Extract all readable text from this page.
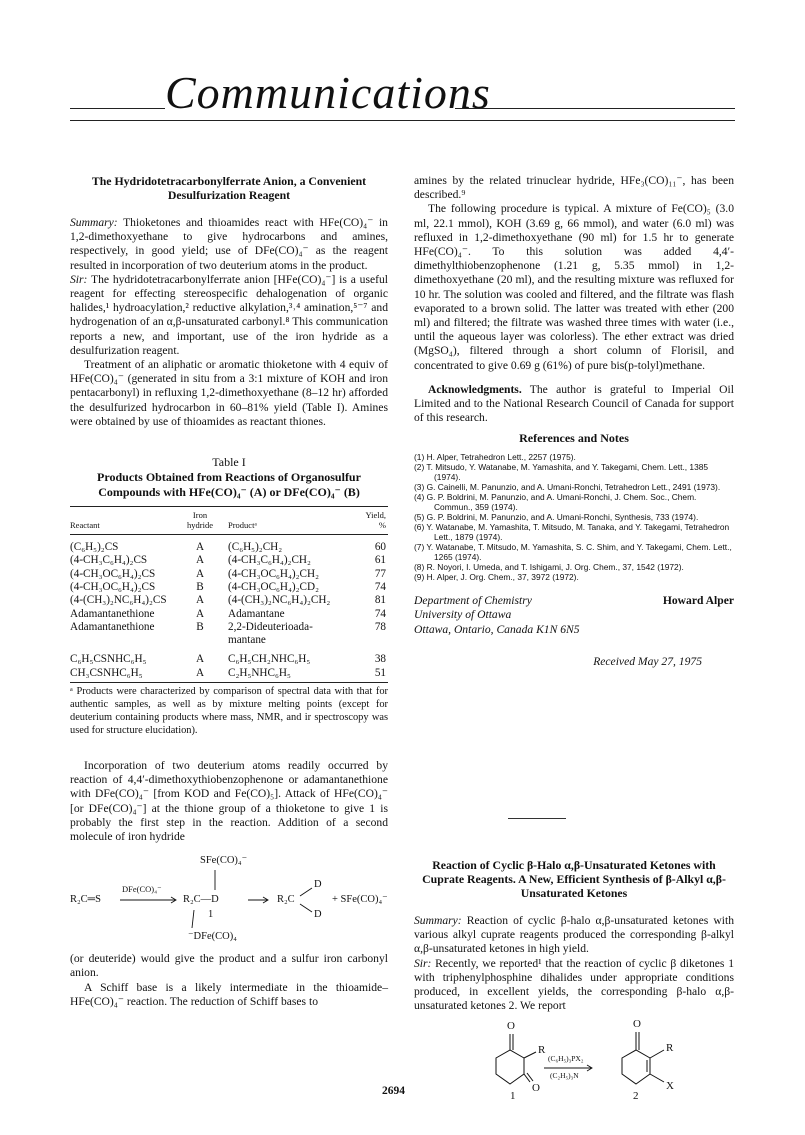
Communications
The Hydridotetracarbonylferrate Anion, a Convenient Desulfurization Reagent

Summary: Thioketones and thioamides react with HFe(CO)₄⁻ in 1,2-dimethoxyethane to give hydrocarbons and amines, respectively, in good yield; use of DFe(CO)₄⁻ as the reagent resulted in incorporation of two deuterium atoms in the product.

Sir: The hydridotetracarbonylferrate anion [HFe(CO)₄⁻] is a useful reagent for effecting stereospecific dehalogenation of organic halides,¹ hydroacylation,² reductive alkylation,³˒⁴ amination,⁵⁻⁷ and hydrogenation of an α,β-unsaturated carbonyl.⁸ This communication reports a new, and important, use of the iron hydride as a desulfurization reagent.

Treatment of an aliphatic or aromatic thioketone with 4 equiv of HFe(CO)₄⁻ (generated in situ from a 3:1 mixture of KOH and iron pentacarbonyl) in refluxing 1,2-dimethoxyethane (8–12 hr) afforded the desulfurized hydrocarbon in 60–81% yield (Table I). Amines were obtained by use of thioamides as reactant thiones.

Table I
Products Obtained from Reactions of Organosulfur
Compounds with HFe(CO)₄⁻ (A) or DFe(CO)₄⁻ (B)
	Iron		Yield,
Reactant	hydride	Productᵃ	%
(C₆H₅)₂CS	A	(C₆H₅)₂CH₂	60
(4-CH₃C₆H₄)₂CS	A	(4-CH₃C₆H₄)₂CH₂	61
(4-CH₃OC₆H₄)₂CS	A	(4-CH₃OC₆H₄)₂CH₂	77
(4-CH₃OC₆H₄)₂CS	B	(4-CH₃OC₆H₄)₂CD₂	74
(4-(CH₃)₂NC₆H₄)₂CS	A	(4-(CH₃)₂NC₆H₄)₂CH₂	81
Adamantanethione	A	Adamantane	74
Adamantanethione	B	2,2-Dideuterioada-	78
		mantane	
C₆H₅CSNHC₆H₅	A	C₆H₅CH₂NHC₆H₅	38
CH₃CSNHC₆H₅	A	C₂H₅NHC₆H₅	51
ᵃ Products were characterized by comparison of spectral data with that for authentic samples, as well as by mixture melting points (except for deuterium containing products where mass, NMR, and ir spectroscopy was used for structure elucidation).

Incorporation of two deuterium atoms readily occurred by reaction of 4,4′-dimethoxythiobenzophenone or adamantanethione with DFe(CO)₄⁻ [from KOD and Fe(CO)₅]. Attack of HFe(CO)₄⁻ [or DFe(CO)₄⁻] at the thione group of a thioketone to give 1 is probably the first step in the reaction. Addition of a second molecule of iron hydride

SFe(CO)₄⁻
R₂C═S
DFe(CO)₄⁻
R₂C—D
1
⁻DFe(CO)₄
R₂C
D
D
+ SFe(CO)₄⁻

(or deuteride) would give the product and a sulfur iron carbonyl anion.

A Schiff base is a likely intermediate in the thioamide–HFe(CO)₄⁻ reaction. The reduction of Schiff bases to

amines by the related trinuclear hydride, HFe₃(CO)₁₁⁻, has been described.⁹

The following procedure is typical. A mixture of Fe(CO)₅ (3.0 ml, 22.1 mmol), KOH (3.69 g, 66 mmol), and water (6.0 ml) was refluxed in 1,2-dimethoxyethane (90 ml) for 1.5 hr to generate HFe(CO)₄⁻. To this solution was added 4,4′-dimethylthiobenzophenone (1.21 g, 5.35 mmol) in 1,2-dimethoxyethane (20 ml), and the resulting mixture was refluxed for 10 hr. The solution was cooled and filtered, and the filtrate was flash evaporated to a brown solid. The latter was treated with ether (200 ml) and filtered; the filtrate was washed three times with water (i.e., until the aqueous layer was colorless). The ether extract was dried (MgSO₄), filtered through a short column of Florisil, and concentrated to give 0.69 g (61%) of pure bis(p-tolyl)methane.

Acknowledgments. The author is grateful to Imperial Oil Limited and to the National Research Council of Canada for support of this research.

References and Notes
(1) H. Alper, Tetrahedron Lett., 2257 (1975).
(2) T. Mitsudo, Y. Watanabe, M. Yamashita, and Y. Takegami, Chem. Lett., 1385 (1974).
(3) G. Cainelli, M. Panunzio, and A. Umani-Ronchi, Tetrahedron Lett., 2491 (1973).
(4) G. P. Boldrini, M. Panunzio, and A. Umani-Ronchi, J. Chem. Soc., Chem. Commun., 359 (1974).
(5) G. P. Boldrini, M. Panunzio, and A. Umani-Ronchi, Synthesis, 733 (1974).
(6) Y. Watanabe, M. Yamashita, T. Mitsudo, M. Tanaka, and Y. Takegami, Tetrahedron Lett., 1879 (1974).
(7) Y. Watanabe, T. Mitsudo, M. Yamashita, S. C. Shim, and Y. Takegami, Chem. Lett., 1265 (1974).
(8) R. Noyori, I. Umeda, and T. Ishigami, J. Org. Chem., 37, 1542 (1972).
(9) H. Alper, J. Org. Chem., 37, 3972 (1972).
Department of Chemistry
University of Ottawa
Ottawa, Ontario, Canada K1N 6N5
Howard Alper
Received May 27, 1975
Reaction of Cyclic β-Halo α,β-Unsaturated Ketones with Cuprate Reagents. A New, Efficient Synthesis of β-Alkyl α,β-Unsaturated Ketones

Summary: Reaction of cyclic β-halo α,β-unsaturated ketones with various alkyl cuprate reagents produced the corresponding β-alkyl α,β-unsaturated ketones in high yield.

Sir: Recently, we reported¹ that the reaction of cyclic β diketones 1 with triphenylphosphine dihalides under appropriate conditions produced, in excellent yields, the corresponding β-halo α,β-unsaturated ketones 2. We report

O
R
O
(C₆H₅)₃PX₂
(C₂H₅)₃N
O
R
X
1	2
2694
